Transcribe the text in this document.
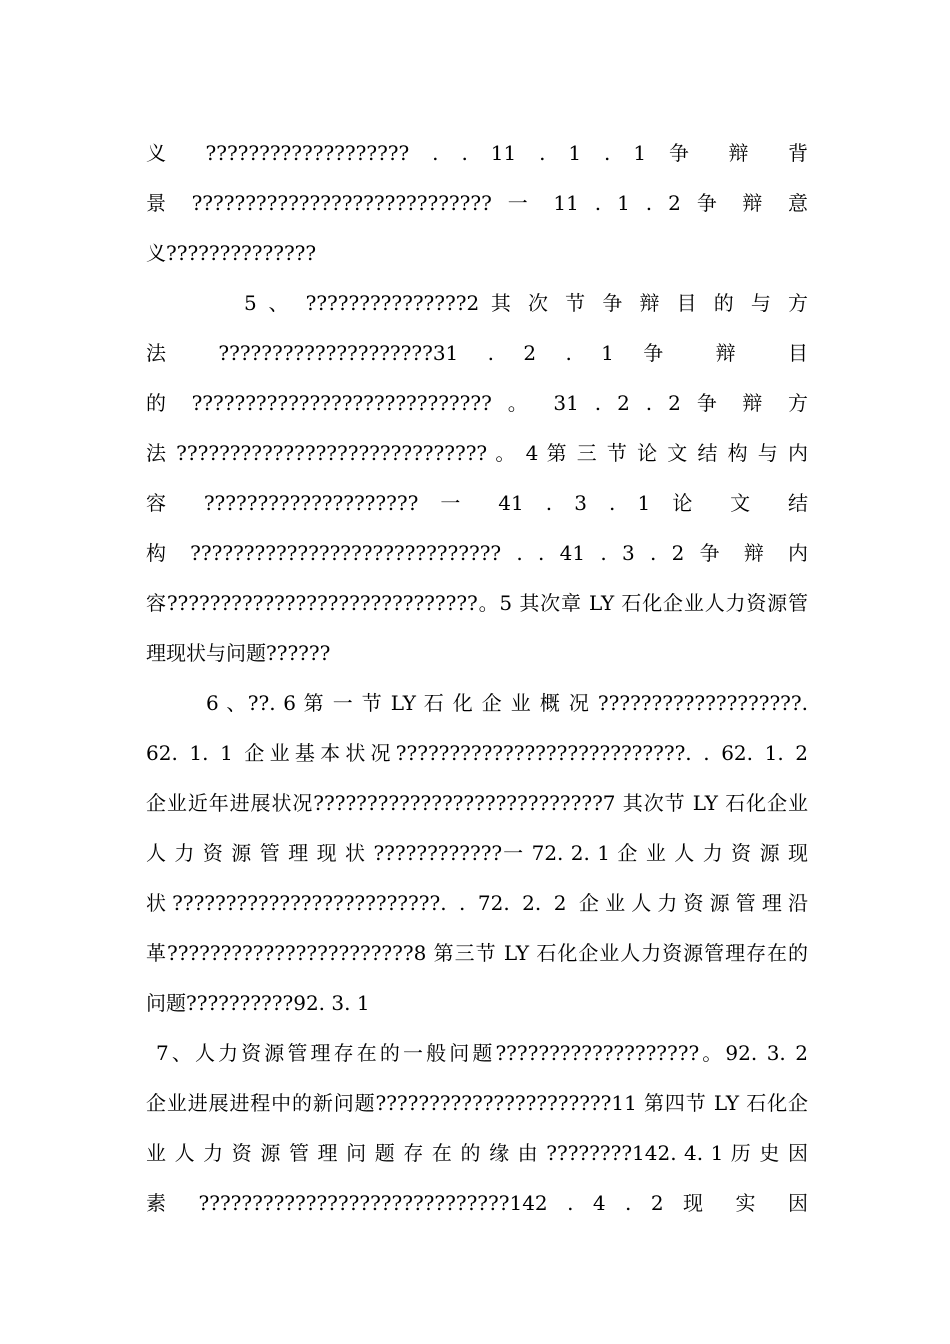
义 ??????????????????? . . 11 . 1 . 1 争 辩 背
景 ???????????????????????????? 一 11 . 1 . 2 争 辩 意
义??????????????
5 、 ???????????????2 其 次 节 争 辩 目 的 与 方
法 ????????????????????31 . 2 . 1 争 辩 目
的 ???????????????????????????? 。 31 . 2 . 2 争 辩 方
法 ????????????????????????????? 。 4 第 三 节 论 文 结 构 与 内
容 ???????????????????? 一 41 . 3 . 1 论 文 结
构 ????????????????????????????? . . 41 . 3 . 2 争 辩 内
容?????????????????????????????。5 其次章 LY 石化企业人力资源管
理现状与问题??????
6 、??. 6 第 一 节 LY 石 化 企 业 概 况 ???????????????????.
62. 1. 1 企业基本状况???????????????????????????. . 62. 1. 2
企业近年进展状况???????????????????????????7 其次节 LY 石化企业
人 力 资 源 管 理 现 状 ????????????一 72. 2. 1 企 业 人 力 资 源 现
状?????????????????????????. . 72. 2. 2 企业人力资源管理沿
革???????????????????????8 第三节 LY 石化企业人力资源管理存在的
问题??????????92. 3. 1
7、人力资源管理存在的一般问题???????????????????。92. 3. 2
企业进展进程中的新问题??????????????????????11 第四节 LY 石化企
业 人 力 资 源 管 理 问 题 存 在 的 缘 由 ????????142. 4. 1 历 史 因
素 ?????????????????????????????142 . 4 . 2 现 实 因
